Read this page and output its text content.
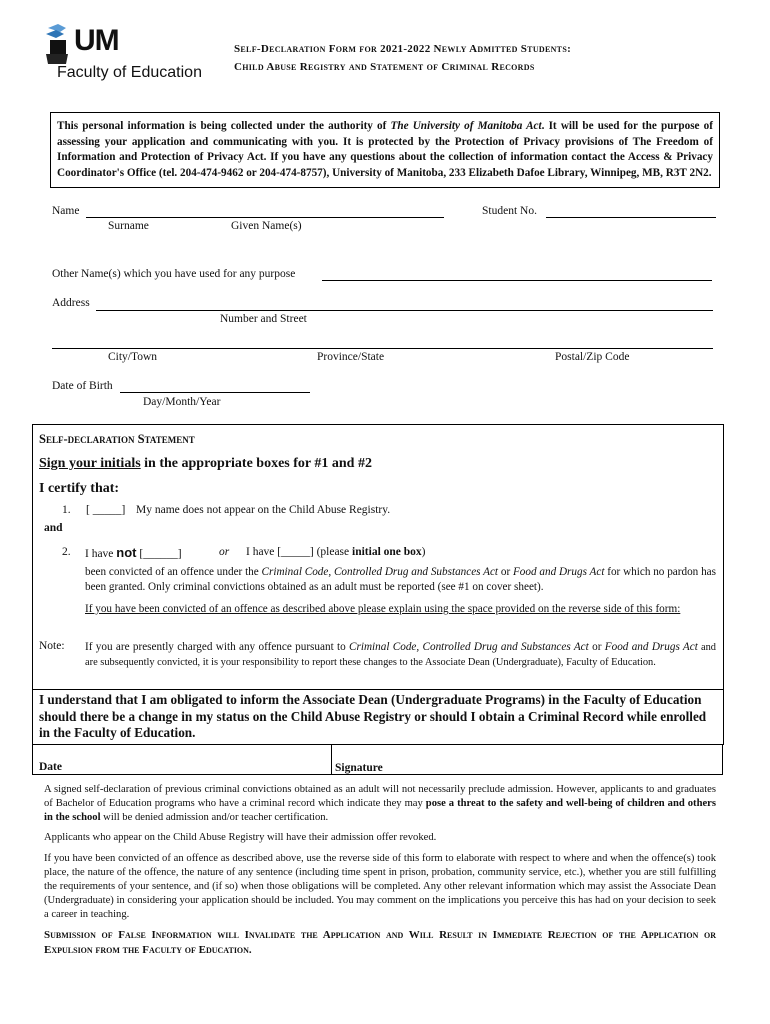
UM
Faculty of Education
Self-Declaration Form for 2021-2022 Newly Admitted Students:
Child Abuse Registry and Statement of Criminal Records
This personal information is being collected under the authority of The University of Manitoba Act. It will be used for the purpose of assessing your application and communicating with you. It is protected by the Protection of Privacy provisions of The Freedom of Information and Protection of Privacy Act. If you have any questions about the collection of information contact the Access & Privacy Coordinator's Office (tel. 204-474-9462 or 204-474-8757), University of Manitoba, 233 Elizabeth Dafoe Library, Winnipeg, MB, R3T 2N2.
Name
Surname	Given Name(s)
Student No.
Other Name(s) which you have used for any purpose
Address
Number and Street
City/Town	Province/State	Postal/Zip Code
Date of Birth
Day/Month/Year
Self-declaration Statement
Sign your initials in the appropriate boxes for #1 and #2
I certify that:
1. [ _____] My name does not appear on the Child Abuse Registry.
and
2. I have not [______]	or I have [_____] (please initial one box)
been convicted of an offence under the Criminal Code, Controlled Drug and Substances Act or Food and Drugs Act for which no pardon has been granted. Only criminal convictions obtained as an adult must be reported (see #1 on cover sheet).
If you have been convicted of an offence as described above please explain using the space provided on the reverse side of this form:
Note: If you are presently charged with any offence pursuant to Criminal Code, Controlled Drug and Substances Act or Food and Drugs Act and are subsequently convicted, it is your responsibility to report these changes to the Associate Dean (Undergraduate), Faculty of Education.
I understand that I am obligated to inform the Associate Dean (Undergraduate Programs) in the Faculty of Education should there be a change in my status on the Child Abuse Registry or should I obtain a Criminal Record while enrolled in the Faculty of Education.
Date	Signature
A signed self-declaration of previous criminal convictions obtained as an adult will not necessarily preclude admission. However, applicants to and graduates of Bachelor of Education programs who have a criminal record which indicate they may pose a threat to the safety and well-being of children and others in the school will be denied admission and/or teacher certification.
Applicants who appear on the Child Abuse Registry will have their admission offer revoked.
If you have been convicted of an offence as described above, use the reverse side of this form to elaborate with respect to where and when the offence(s) took place, the nature of the offence, the nature of any sentence (including time spent in prison, probation, community service, etc.), whether you are still fulfilling the requirements of your sentence, and (if so) when those obligations will be completed. Any other relevant information which may assist the Associate Dean (Undergraduate) in considering your application should be included. You may comment on the implications you perceive this has had on your decision to seek a career in teaching.
Submission of False Information will Invalidate the Application and Will Result in Immediate Rejection of the Application or Expulsion from the Faculty of Education.
